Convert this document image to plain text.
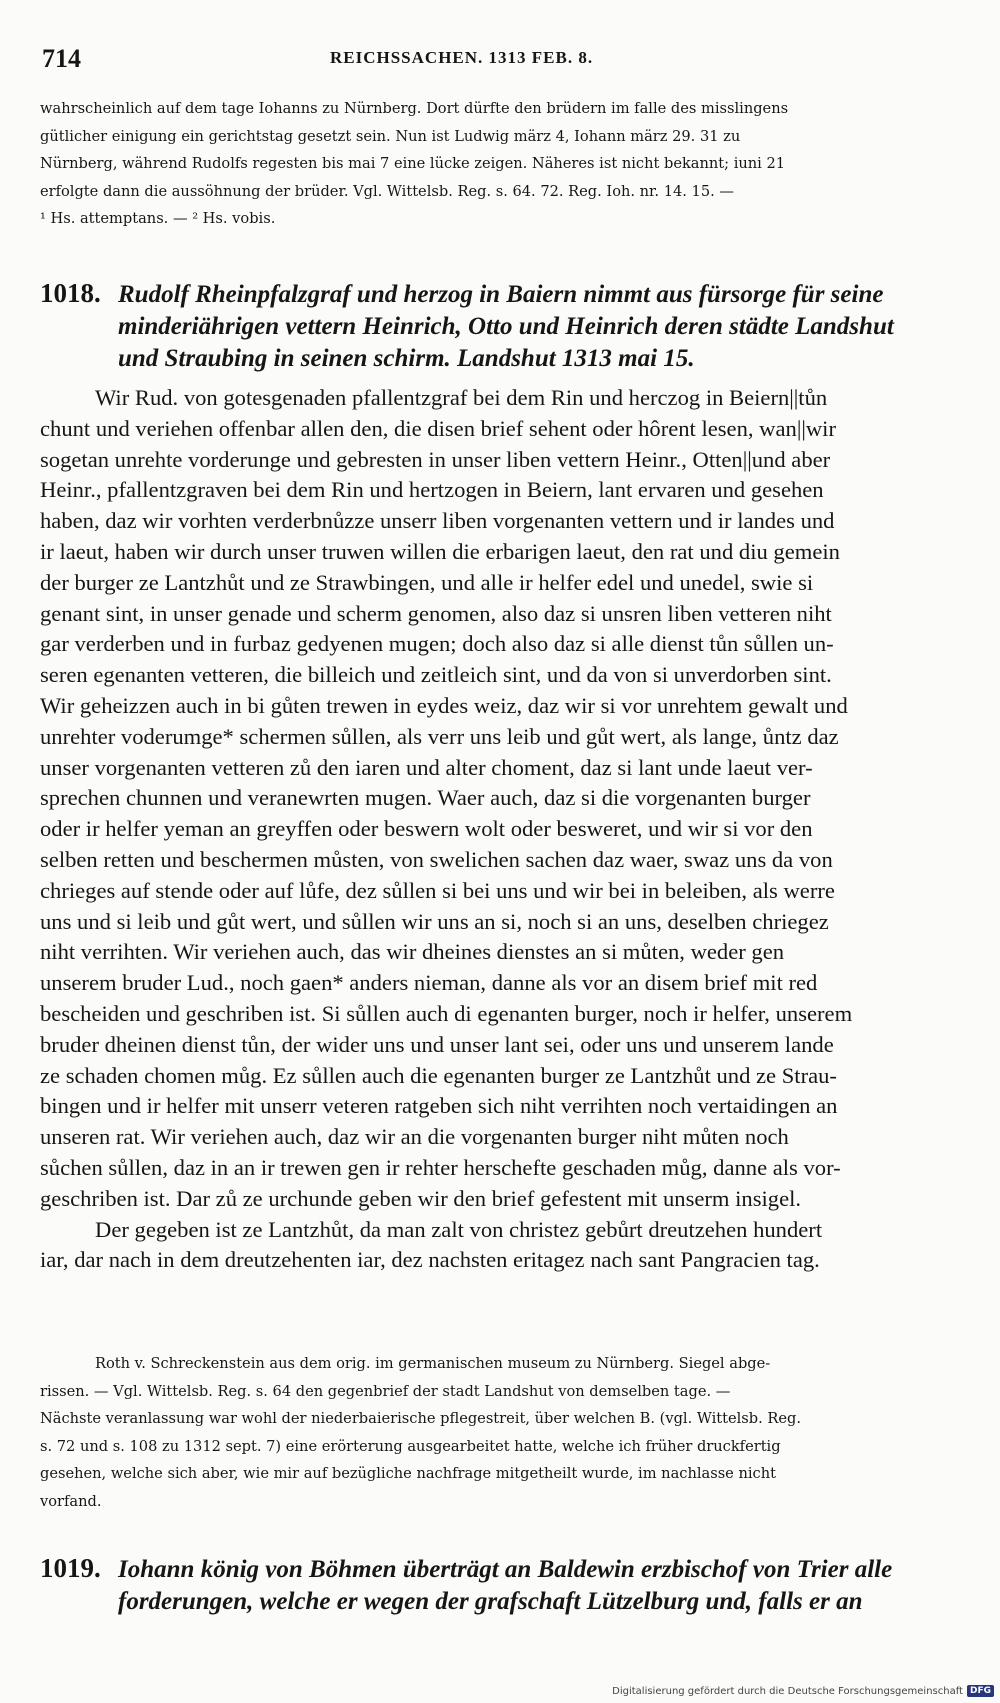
714	REICHSSACHEN. 1313 FEB. 8.
wahrscheinlich auf dem tage Iohanns zu Nürnberg. Dort dürfte den brüdern im falle des misslingens
gütlicher einigung ein gerichtstag gesetzt sein. Nun ist Ludwig märz 4, Iohann märz 29. 31 zu
Nürnberg, während Rudolfs regesten bis mai 7 eine lücke zeigen. Näheres ist nicht bekannt; iuni 21
erfolgte dann die aussöhnung der brüder. Vgl. Wittelsb. Reg. s. 64. 72. Reg. Ioh. nr. 14. 15. —
¹ Hs. attemptans. — ² Hs. vobis.
1018. Rudolf Rheinpfalzgraf und herzog in Baiern nimmt aus fürsorge für seine
minderiährigen vettern Heinrich, Otto und Heinrich deren städte Landshut
und Straubing in seinen schirm. Landshut 1313 mai 15.
Wir Rud. von gotesgenaden pfallentzgraf bei dem Rin und herczog in Beiern||tůn
chunt und veriehen offenbar allen den, die disen brief sehent oder hôrent lesen, wan||wir
sogetan unrehte vorderunge und gebresten in unser liben vettern Heinr., Otten||und aber
Heinr., pfallentzgraven bei dem Rin und hertzogen in Beiern, lant ervaren und gesehen
haben, daz wir vorhten verderbnůzze unserr liben vorgenanten vettern und ir landes und
ir laeut, haben wir durch unser truwen willen die erbarigen laeut, den rat und diu gemein
der burger ze Lantzhůt und ze Strawbingen, und alle ir helfer edel und unedel, swie si
genant sint, in unser genade und scherm genomen, also daz si unsren liben vetteren niht
gar verderben und in furbaz gedyenen mugen; doch also daz si alle dienst tůn sůllen un-
seren egenanten vetteren, die billeich und zeitleich sint, und da von si unverdorben sint.
Wir geheizzen auch in bi gůten trewen in eydes weiz, daz wir si vor unrehtem gewalt und
unrehter voderumge* schermen sůllen, als verr uns leib und gůt wert, als lange, ůntz daz
unser vorgenanten vetteren zů den iaren und alter choment, daz si lant unde laeut ver-
sprechen chunnen und veranewrten mugen. Waer auch, daz si die vorgenanten burger
oder ir helfer yeman an greyffen oder beswern wolt oder besweret, und wir si vor den
selben retten und beschermen můsten, von swelichen sachen daz waer, swaz uns da von
chrieges auf stende oder auf lůfe, dez sůllen si bei uns und wir bei in beleiben, als werre
uns und si leib und gůt wert, und sůllen wir uns an si, noch si an uns, deselben chriegez
niht verrihten. Wir veriehen auch, das wir dheines dienstes an si můten, weder gen
unserem bruder Lud., noch gaen* anders nieman, danne als vor an disem brief mit red
bescheiden und geschriben ist. Si sůllen auch di egenanten burger, noch ir helfer, unserem
bruder dheinen dienst tůn, der wider uns und unser lant sei, oder uns und unserem lande
ze schaden chomen můg. Ez sůllen auch die egenanten burger ze Lantzhůt und ze Strau-
bingen und ir helfer mit unserr veteren ratgeben sich niht verrihten noch vertaidingen an
unseren rat. Wir veriehen auch, daz wir an die vorgenanten burger niht můten noch
sůchen sůllen, daz in an ir trewen gen ir rehter herschefte geschaden můg, danne als vor-
geschriben ist. Dar zů ze urchunde geben wir den brief gefestent mit unserm insigel.
Der gegeben ist ze Lantzhůt, da man zalt von christez gebůrt dreutzehen hundert
iar, dar nach in dem dreutzehenten iar, dez nachsten eritagez nach sant Pangracien tag.
Roth v. Schreckenstein aus dem orig. im germanischen museum zu Nürnberg. Siegel abge-
rissen. — Vgl. Wittelsb. Reg. s. 64 den gegenbrief der stadt Landshut von demselben tage. —
Nächste veranlassung war wohl der niederbaierische pflegestreit, über welchen B. (vgl. Wittelsb. Reg.
s. 72 und s. 108 zu 1312 sept. 7) eine erörterung ausgearbeitet hatte, welche ich früher druckfertig
gesehen, welche sich aber, wie mir auf bezügliche nachfrage mitgetheilt wurde, im nachlasse nicht
vorfand.
1019. Iohann könig von Böhmen überträgt an Baldewin erzbischof von Trier alle
forderungen, welche er wegen der grafschaft Lützelburg und, falls er an
Digitalisierung gefördert durch die Deutsche Forschungsgemeinschaft DFG
